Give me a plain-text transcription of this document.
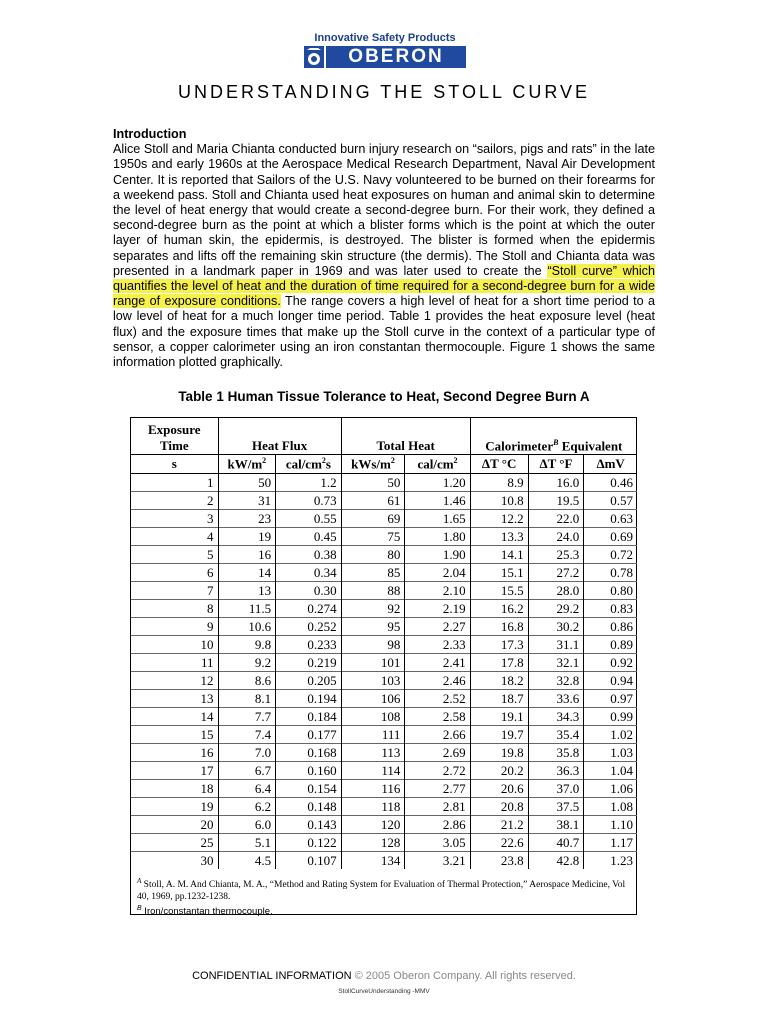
Innovative Safety Products
OBERON
UNDERSTANDING THE STOLL CURVE
Introduction

Alice Stoll and Maria Chianta conducted burn injury research on “sailors, pigs and rats” in the late 1950s and early 1960s at the Aerospace Medical Research Department, Naval Air Development Center. It is reported that Sailors of the U.S. Navy volunteered to be burned on their forearms for a weekend pass. Stoll and Chianta used heat exposures on human and animal skin to determine the level of heat energy that would create a second-degree burn. For their work, they defined a second-degree burn as the point at which a blister forms which is the point at which the outer layer of human skin, the epidermis, is destroyed. The blister is formed when the epidermis separates and lifts off the remaining skin structure (the dermis). The Stoll and Chianta data was presented in a landmark paper in 1969 and was later used to create the “Stoll curve” which quantifies the level of heat and the duration of time required for a second-degree burn for a wide range of exposure conditions. The range covers a high level of heat for a short time period to a low level of heat for a much longer time period. Table 1 provides the heat exposure level (heat flux) and the exposure times that make up the Stoll curve in the context of a particular type of sensor, a copper calorimeter using an iron constantan thermocouple. Figure 1 shows the same information plotted graphically.

Table 1 Human Tissue Tolerance to Heat, Second Degree Burn A
Exposure
Time	Heat Flux		Total Heat		Calorimeter$^B$ Equivalent		
s	$kW/m^2$	cal/$cm^2s$	kWs/$m^2$	cal/$cm^2$	ΔT °C	ΔT °F	ΔmV
1	50	1.2	50	1.20	8.9	16.0	0.46
2	31	0.73	61	1.46	10.8	19.5	0.57
3	23	0.55	69	1.65	12.2	22.0	0.63
4	19	0.45	75	1.80	13.3	24.0	0.69
5	16	0.38	80	1.90	14.1	25.3	0.72
6	14	0.34	85	2.04	15.1	27.2	0.78
7	13	0.30	88	2.10	15.5	28.0	0.80
8	11.5	0.274	92	2.19	16.2	29.2	0.83
9	10.6	0.252	95	2.27	16.8	30.2	0.86
10	9.8	0.233	98	2.33	17.3	31.1	0.89
11	9.2	0.219	101	2.41	17.8	32.1	0.92
12	8.6	0.205	103	2.46	18.2	32.8	0.94
13	8.1	0.194	106	2.52	18.7	33.6	0.97
14	7.7	0.184	108	2.58	19.1	34.3	0.99
15	7.4	0.177	111	2.66	19.7	35.4	1.02
16	7.0	0.168	113	2.69	19.8	35.8	1.03
17	6.7	0.160	114	2.72	20.2	36.3	1.04
18	6.4	0.154	116	2.77	20.6	37.0	1.06
19	6.2	0.148	118	2.81	20.8	37.5	1.08
20	6.0	0.143	120	2.86	21.2	38.1	1.10
25	5.1	0.122	128	3.05	22.6	40.7	1.17
30	4.5	0.107	134	3.21	23.8	42.8	1.23
$^A$ Stoll, A. M. And Chianta, M. A., “Method and Rating System for Evaluation of Thermal Protection,” Aerospace Medicine, Vol 40, 1969, pp.1232-1238.
$^B$ Iron/constantan thermocouple.
CONFIDENTIAL INFORMATION © 2005 Oberon Company. All rights reserved.
StollCurveUnderstanding -MMV
